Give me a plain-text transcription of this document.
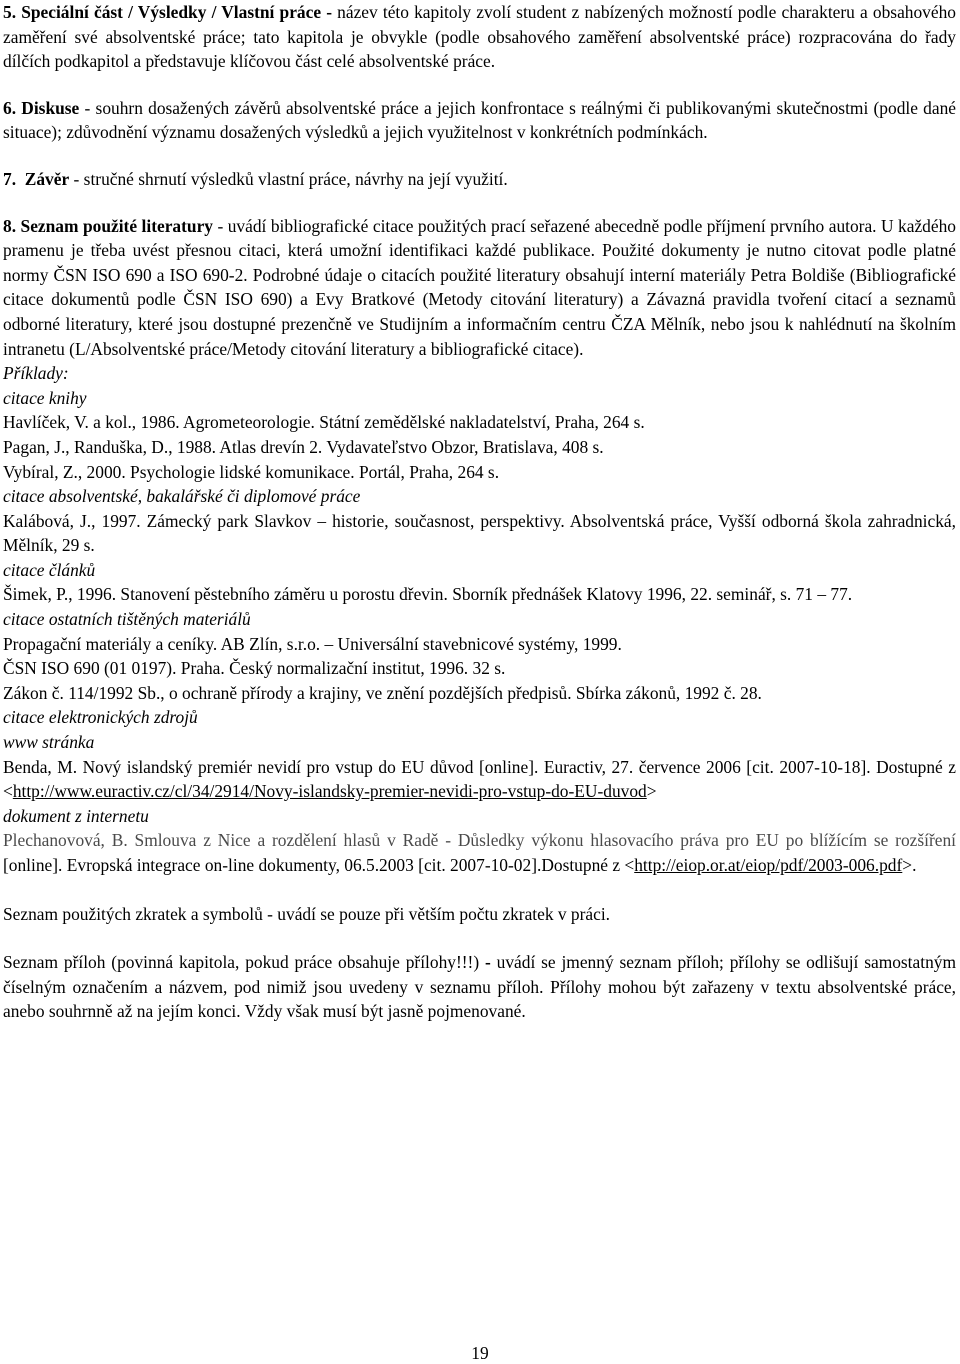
5. Speciální část / Výsledky / Vlastní práce - název této kapitoly zvolí student z nabízených možností podle charakteru a obsahového zaměření své absolventské práce; tato kapitola je obvykle (podle obsahového zaměření absolventské práce) rozpracována do řady dílčích podkapitol a představuje klíčovou část celé absolventské práce.

6. Diskuse - souhrn dosažených závěrů absolventské práce a jejich konfrontace s reálnými či publikovanými skutečnostmi (podle dané situace); zdůvodnění významu dosažených výsledků a jejich využitelnost v konkrétních podmínkách.

7. Závěr - stručné shrnutí výsledků vlastní práce, návrhy na její využití.

8. Seznam použité literatury - uvádí bibliografické citace použitých prací seřazené abecedně podle příjmení prvního autora. U každého pramenu je třeba uvést přesnou citaci, která umožní identifikaci každé publikace. Použité dokumenty je nutno citovat podle platné normy ČSN ISO 690 a ISO 690-2. Podrobné údaje o citacích použité literatury obsahují interní materiály Petra Boldiše (Bibliografické citace dokumentů podle ČSN ISO 690) a Evy Bratkové (Metody citování literatury) a Závazná pravidla tvoření citací a seznamů odborné literatury, které jsou dostupné prezenčně ve Studijním a informačním centru ČZA Mělník, nebo jsou k nahlédnutí na školním intranetu (L/Absolventské práce/Metody citování literatury a bibliografické citace).

Příklady:

citace knihy

Havlíček, V. a kol., 1986. Agrometeorologie. Státní zemědělské nakladatelství, Praha, 264 s.

Pagan, J., Randuška, D., 1988. Atlas drevín 2. Vydavateľstvo Obzor, Bratislava, 408 s.

Vybíral, Z., 2000. Psychologie lidské komunikace. Portál, Praha, 264 s.

citace absolventské, bakalářské či diplomové práce

Kalábová, J., 1997. Zámecký park Slavkov – historie, současnost, perspektivy. Absolventská práce, Vyšší odborná škola zahradnická, Mělník, 29 s.

citace článků

Šimek, P., 1996. Stanovení pěstebního záměru u porostu dřevin. Sborník přednášek Klatovy 1996, 22. seminář, s. 71 – 77.

citace ostatních tištěných materiálů

Propagační materiály a ceníky. AB Zlín, s.r.o. – Universální stavebnicové systémy, 1999.

ČSN ISO 690 (01 0197). Praha. Český normalizační institut, 1996. 32 s.

Zákon č. 114/1992 Sb., o ochraně přírody a krajiny, ve znění pozdějších předpisů. Sbírka zákonů, 1992 č. 28.

citace elektronických zdrojů

www stránka

Benda, M. Nový islandský premiér nevidí pro vstup do EU důvod [online]. Euractiv, 27. července 2006 [cit. 2007-10-18]. Dostupné z <http://www.euractiv.cz/cl/34/2914/Novy-islandsky-premier-nevidi-pro-vstup-do-EU-duvod>

dokument z internetu

Plechanovová, B. Smlouva z Nice a rozdělení hlasů v Radě - Důsledky výkonu hlasovacího práva pro EU po blížícím se rozšíření [online]. Evropská integrace on-line dokumenty, 06.5.2003 [cit. 2007-10-02].Dostupné z <http://eiop.or.at/eiop/pdf/2003-006.pdf>.

Seznam použitých zkratek a symbolů - uvádí se pouze při větším počtu zkratek v práci.

Seznam příloh (povinná kapitola, pokud práce obsahuje přílohy!!!) - uvádí se jmenný seznam příloh; přílohy se odlišují samostatným číselným označením a názvem, pod nimiž jsou uvedeny v seznamu příloh. Přílohy mohou být zařazeny v textu absolventské práce, anebo souhrnně až na jejím konci. Vždy však musí být jasně pojmenované.

19
